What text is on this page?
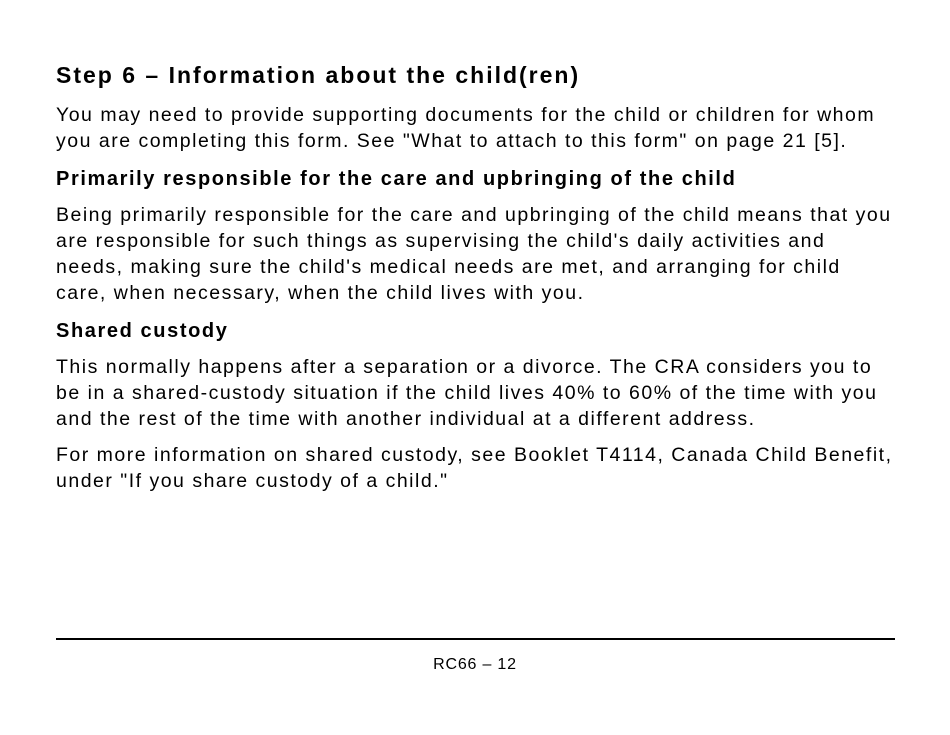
Step 6 – Information about the child(ren)

You may need to provide supporting documents for the child or children for whom you are completing this form. See "What to attach to this form" on page 21 [5].

Primarily responsible for the care and upbringing of the child

Being primarily responsible for the care and upbringing of the child means that you are responsible for such things as supervising the child's daily activities and needs, making sure the child's medical needs are met, and arranging for child care, when necessary, when the child lives with you.

Shared custody

This normally happens after a separation or a divorce. The CRA considers you to be in a shared-custody situation if the child lives 40% to 60% of the time with you and the rest of the time with another individual at a different address.

For more information on shared custody, see Booklet T4114, Canada Child Benefit, under "If you share custody of a child."

RC66 – 12
